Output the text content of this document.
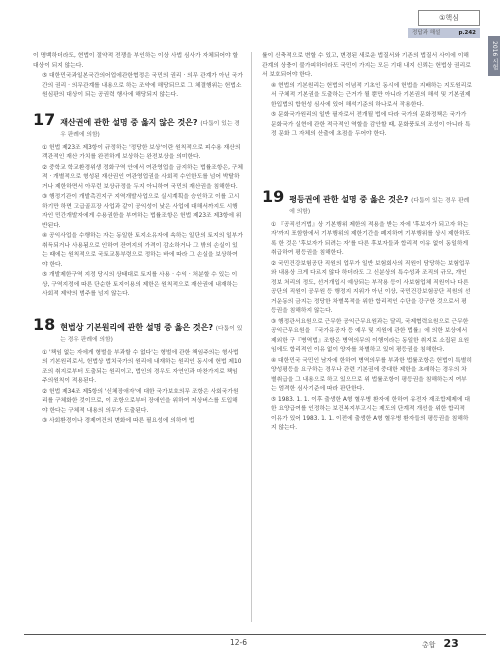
①핵심
정답과 해설	p.242
2016 시험

이 명백하더라도, 현법이 절약적 전쟁을 부인하는 이상 사법 심사가 자체되어야 할 대상이 되지 않는다.

⑤ 대한민국과일본국간의어업에관한협정은 국민의 권리 · 의무 관계가 아닌 국가간의 권리 · 의무관계를 내용으로 하는 조약에 해당되므로 그 체결행위는 헌법소원심판의 대상이 되는 공권력 행사에 해당되지 않는다.

17 재산권에 관한 설명 중 옳지 않은 것은? (다툼이 있는 경우 판례에 의함)

① 헌법 제23조 제3항이 규정하는 '정당한 보상'이란 원칙적으로 피수용 재산의 객관적인 재산 가치를 완전하게 보상하는 완전보상을 의미한다.

② 중학교 학교환경위생 정화구역 안에서 여관영업을 금지하는 법률조항은, 구체적 · 개별적으로 형성된 재산권인 여관영업권을 사회적 수인한도를 넘어 박탈하거나 제한하면서 아무런 보상규정을 두지 아니하여 국민의 재산권을 침해한다.

③ 행정기관이 개발촉진지구 지역개발사업으로 실시계획을 승인하고 이를 고시하기만 하면 고급골프장 사업과 같이 공익성이 낮은 사업에 대해서까지도 시행자인 민간개발자에게 수용권한을 부여하는 법률조항은 헌법 제23조 제3항에 위반된다.

④ 공익사업을 수행하는 자는 동일한 토지소유자에 속하는 일단의 토지의 일부가 취득되거나 사용됨으로 인하여 잔여지의 가격이 감소하거나 그 밖의 손실이 있는 때에는 원칙적으로 국토교통부령으로 정하는 바에 따라 그 손실을 보상하여야 한다.

⑤ 개발제한구역 지정 당시의 상태대로 토지를 사용 · 수익 · 처분할 수 있는 이상, 구역지정에 따른 단순한 토지이용의 제한은 원칙적으로 재산권에 내재하는 사회적 제약의 범주를 넘지 않는다.

18 현법상 기본원리에 관한 설명 중 옳은 것은? (다툼이 있는 경우 판례에 의함)

① '책임 없는 자에게 형벌을 부과할 수 없다'는 형벌에 관한 책임주의는 형사법의 기본원리로서, 헌법상 법치국가의 원리에 내재하는 원리인 동시에 헌법 제10조의 취지로부터 도출되는 원리이고, 법인의 경우도 자연인과 마찬가지로 책임주의원칙이 적용된다.

② 헌법 제34조 제5항의 '신체장애자'에 대한 국가보호의무 조항은 사회국가원리를 구체화한 것이므로, 이 조항으로부터 장애인을 위하여 저상버스를 도입해야 한다는 구체적 내용의 의무가 도출된다.

③ 사회환경이나 경제여건의 변화에 따른 필요성에 의하여 법

률이 신축적으로 변할 수 있고, 변경된 새로운 법질서와 기존의 법질서 사이에 이해관계의 상충이 불가피하더라도 국민이 가지는 모든 기대 내지 신뢰는 헌법상 권리로서 보호되어야 한다.

④ 현법의 기본원리는 헌법의 이념적 기초인 동시에 헌법을 지배하는 지도원리로서 구체적 기본권을 도출하는 근거가 될 뿐만 아니라 기본권의 해석 및 기본권제한입법의 합헌성 심사에 있어 해석기준의 하나로서 작용한다.

⑤ 문화국가원리의 일반 필자로서 전개될 법에 다라 국가의 문화정책은 국가가 문화국가 실현에 관한 적극적인 역할을 감안할 때, 문화풍토의 조성이 아니라 특정 문화 그 자체의 산출에 초점을 두어야 한다.

19 평등권에 관한 설명 중 옳은 것은? (다툼이 있는 경우 판례에 의함)

① 『공직선거법』상 기본행위 제한의 적용을 받는 자에 '후보자가 되고자 하는 자'까지 포함함에서 기부행위의 제한기간을 폐지하여 기부행위를 상시 제한하도록 한 것은 '후보자가 되려는 자'를 다른 후보자들과 합리적 이유 없이 동일하게 취급하여 평등권을 침해한다.

② 국민건강보험공단 직원의 업무가 일반 보험회사의 직원이 담당하는 보험업무와 내용상 크게 다르지 않다 하더라도 그 신분상의 특수성과 조직의 규모, 개인정보 처리의 정도, 선거개입시 예상되는 부작용 등이 사보험업체 직원이나 다른 공단의 직원이 공무원 등 행정지 지위가 아닌 이상, 국민건강보험공단 직원의 선거운동의 금지는 정당한 차별목적을 위한 합리적인 수단을 강구한 것으로서 평등권을 침해하지 않는다.

③ 행정관서요원으로 근무한 공익근무요원과는 달리, 국제협력요원으로 근무한 공익근무요원을 『국가유공자 등 예우 및 지원에 관한 법률』에 의한 보상에서 제외한 구『병역법』조항은 병역의무의 이행이라는 동일한 취지로 소집된 요원임에도 합리적인 이유 없이 양자를 차별하고 있어 평등권을 침해한다.

④ 대한민국 국민인 남자에 한하여 병역의무를 부과한 법률조항은 헌법이 특별히 양성평등을 요구하는 경우나 관련 기본권에 중대한 제한을 초래하는 경우의 차별취급을 그 내용으로 하고 있으므로 위 법률조항이 평등권을 침해하는지 여부는 엄격한 심사기준에 따라 판단한다.

⑤ 1983. 1. 1. 이후 출생한 A형 혈우병 환자에 한하여 유전자 재조합제제에 대한 요양급여를 인정하는 보건복지부고시는 제도의 단계적 개선을 위한 합리적 이유가 있어 1983. 1. 1. 이전에 출생한 A형 혈우병 환자들의 평등권을 침해하지 않는다.

12-6	총합 23
